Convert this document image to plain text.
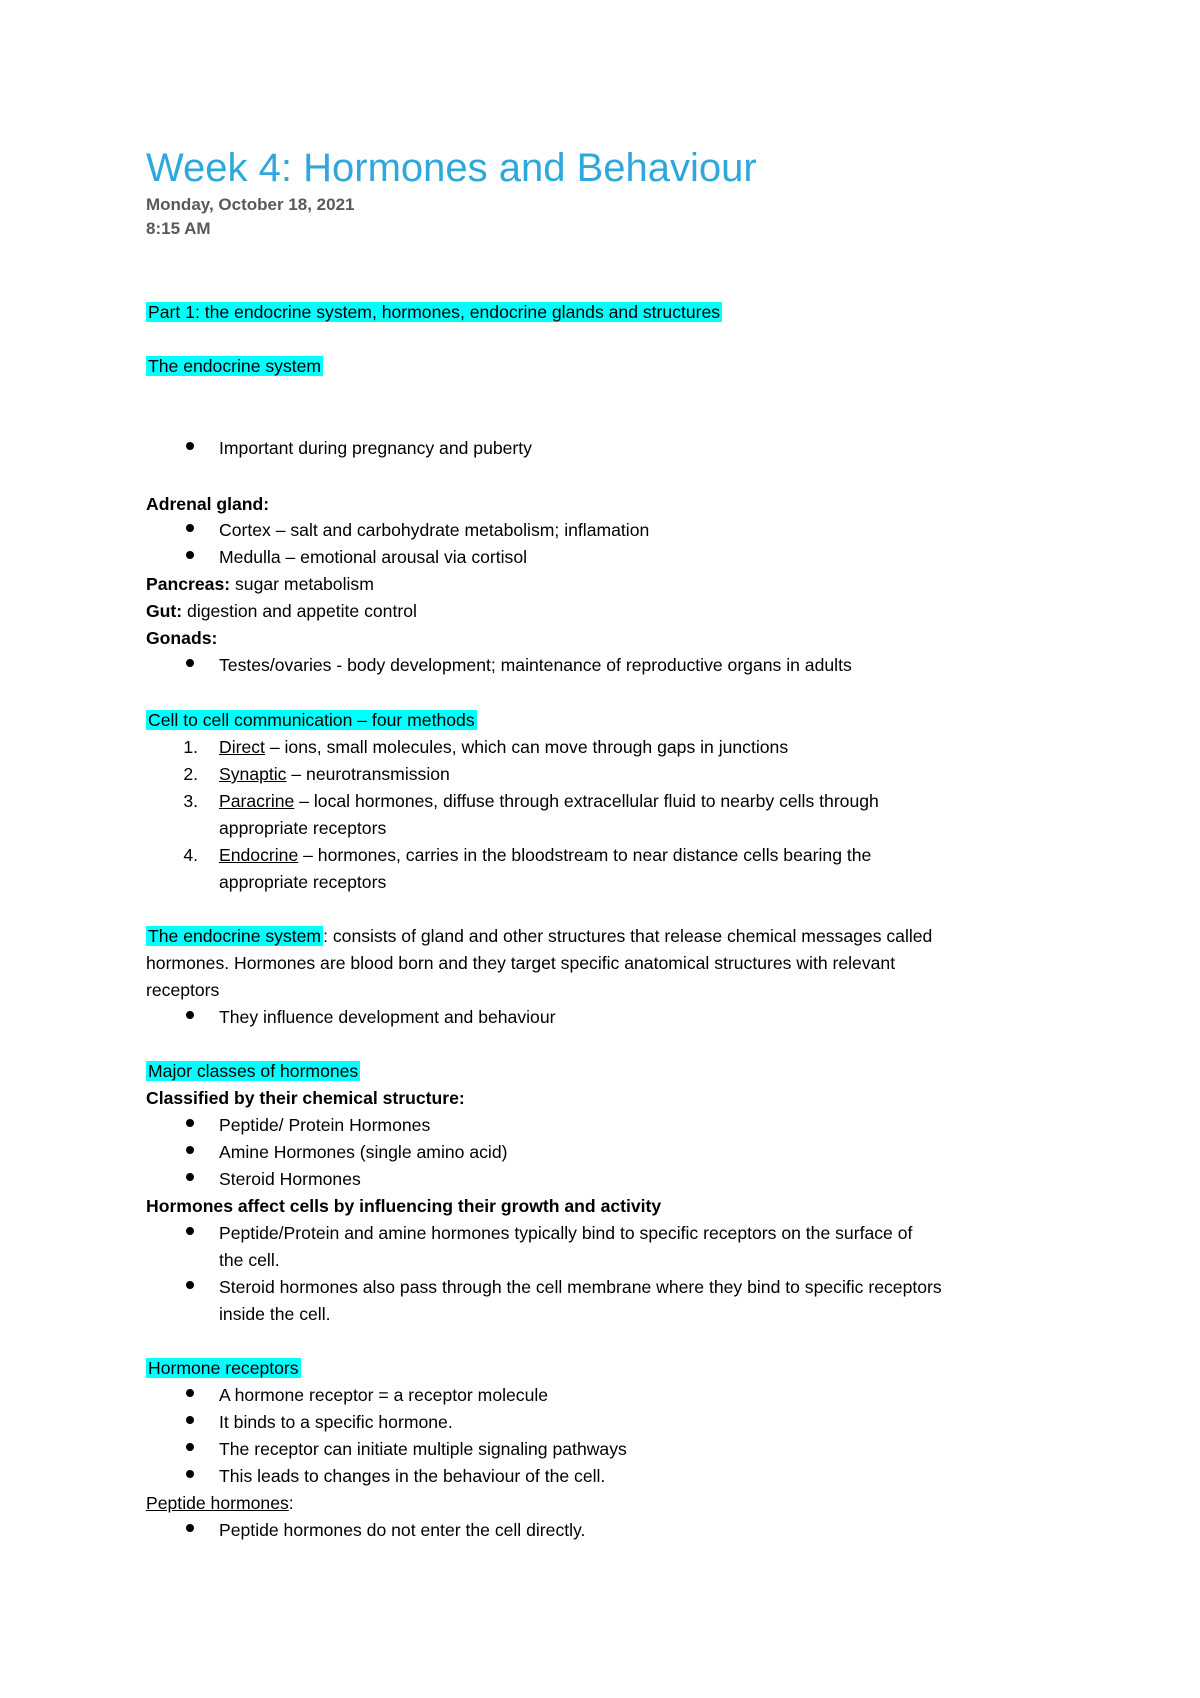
Week 4: Hormones and Behaviour
Monday, October 18, 2021
8:15 AM
Part 1: the endocrine system, hormones, endocrine glands and structures
The endocrine system
Important during pregnancy and puberty
Adrenal gland:
Cortex – salt and carbohydrate metabolism; inflamation
Medulla – emotional arousal via cortisol
Pancreas: sugar metabolism
Gut: digestion and appetite control
Gonads:
Testes/ovaries - body development; maintenance of reproductive organs in adults
Cell to cell communication – four methods
1. Direct – ions, small molecules, which can move through gaps in junctions
2. Synaptic – neurotransmission
3. Paracrine – local hormones, diffuse through extracellular fluid to nearby cells through
appropriate receptors
4. Endocrine – hormones, carries in the bloodstream to near distance cells bearing the
appropriate receptors
The endocrine system : consists of gland and other structures that release chemical messages called
hormones. Hormones are blood born and they target specific anatomical structures with relevant
receptors
They influence development and behaviour
Major classes of hormones
Classified by their chemical structure:
Peptide/ Protein Hormones
Amine Hormones (single amino acid)
Steroid Hormones
Hormones affect cells by influencing their growth and activity
Peptide/Protein and amine hormones typically bind to specific receptors on the surface of
the cell.
Steroid hormones also pass through the cell membrane where they bind to specific receptors
inside the cell.
Hormone receptors
A hormone receptor = a receptor molecule
It binds to a specific hormone.
The receptor can initiate multiple signaling pathways
This leads to changes in the behaviour of the cell.
Peptide hormones:
Peptide hormones do not enter the cell directly.
